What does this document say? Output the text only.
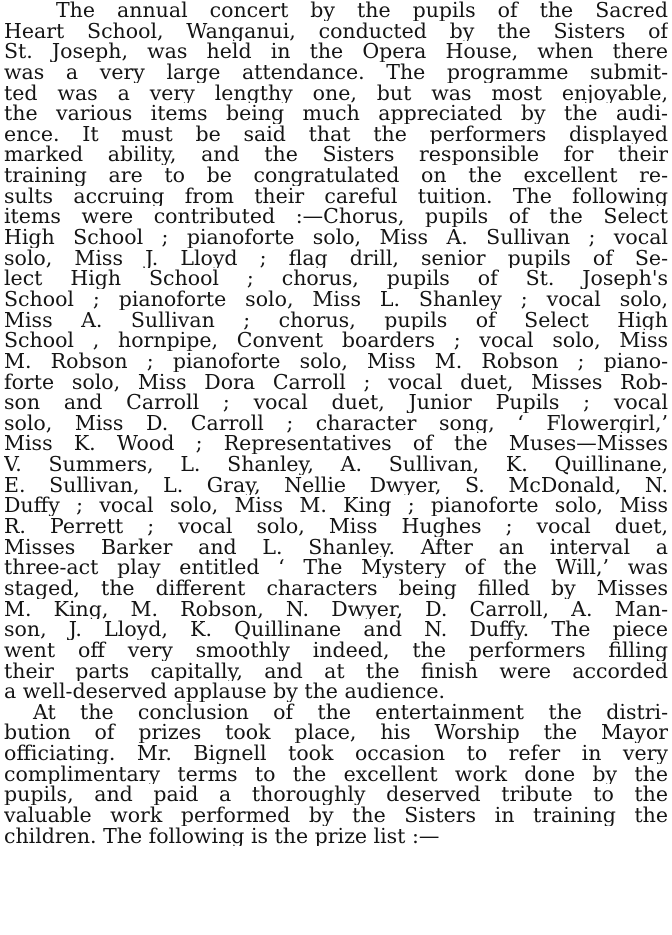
The annual concert by the pupils of the Sacred
Heart School, Wanganui, conducted by the Sisters of
St. Joseph, was held in the Opera House, when there
was a very large attendance. The programme submit-
ted was a very lengthy one, but was most enjoyable,
the various items being much appreciated by the audi-
ence. It must be said that the performers displayed
marked ability, and the Sisters responsible for their
training are to be congratulated on the excellent re-
sults accruing from their careful tuition. The following
items were contributed :—Chorus, pupils of the Select
High School ; pianoforte solo, Miss A. Sullivan ; vocal
solo, Miss J. Lloyd ; flag drill, senior pupils of Se-
lect High School ; chorus, pupils of St. Joseph's
School ; pianoforte solo, Miss L. Shanley ; vocal solo,
Miss A. Sullivan ; chorus, pupils of Select High
School , hornpipe, Convent boarders ; vocal solo, Miss
M. Robson ; pianoforte solo, Miss M. Robson ; piano-
forte solo, Miss Dora Carroll ; vocal duet, Misses Rob-
son and Carroll ; vocal duet, Junior Pupils ; vocal
solo, Miss D. Carroll ; character song, ‘ Flowergirl,’
Miss K. Wood ; Representatives of the Muses—Misses
V. Summers, L. Shanley, A. Sullivan, K. Quillinane,
E. Sullivan, L. Gray, Nellie Dwyer, S. McDonald, N.
Duffy ; vocal solo, Miss M. King ; pianoforte solo, Miss
R. Perrett ; vocal solo, Miss Hughes ; vocal duet,
Misses Barker and L. Shanley. After an interval a
three-act play entitled ‘ The Mystery of the Will,’ was
staged, the different characters being filled by Misses
M. King, M. Robson, N. Dwyer, D. Carroll, A. Man-
son, J. Lloyd, K. Quillinane and N. Duffy. The piece
went off very smoothly indeed, the performers filling
their parts capitally, and at the finish were accorded
a well-deserved applause by the audience.
At the conclusion of the entertainment the distri-
bution of prizes took place, his Worship the Mayor
officiating. Mr. Bignell took occasion to refer in very
complimentary terms to the excellent work done by the
pupils, and paid a thoroughly deserved tribute to the
valuable work performed by the Sisters in training the
children. The following is the prize list :—
